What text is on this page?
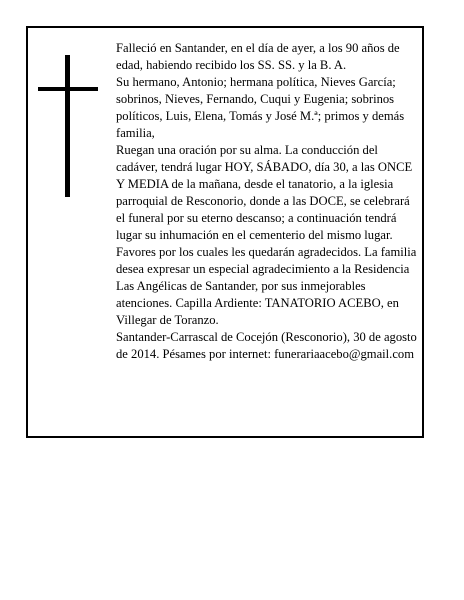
Falleció en Santander, en el día de ayer, a los 90 años de edad, habiendo recibido los SS. SS. y la B. A.

Su hermano, Antonio; hermana política, Nieves García; sobrinos, Nieves, Fernando, Cuqui y Eugenia; sobrinos políticos, Luis, Elena, Tomás y José M.ª; primos y demás familia,

Ruegan una oración por su alma. La conducción del cadáver, tendrá lugar HOY, SÁBADO, día 30, a las ONCE Y MEDIA de la mañana, desde el tanatorio, a la iglesia parroquial de Resconorio, donde a las DOCE, se celebrará el funeral por su eterno descanso; a continuación tendrá lugar su inhumación en el cementerio del mismo lugar. Favores por los cuales les quedarán agradecidos. La familia desea expresar un especial agradecimiento a la Residencia Las Angélicas de Santander, por sus inmejorables atenciones. Capilla Ardiente: TANATORIO ACEBO, en Villegar de Toranzo.

Santander-Carrascal de Cocejón (Resconorio), 30 de agosto de 2014. Pésames por internet: funerariaacebo@gmail.com
